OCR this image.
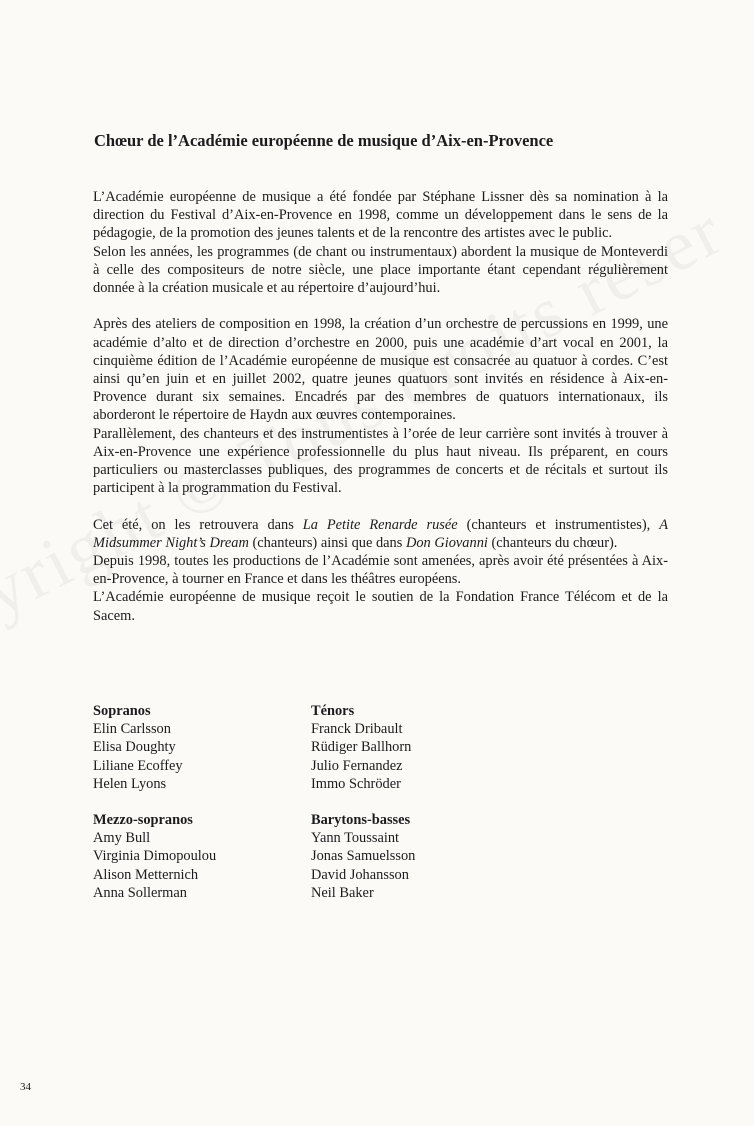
Chœur de l’Académie européenne de musique d’Aix-en-Provence

L’Académie européenne de musique a été fondée par Stéphane Lissner dès sa nomination à la direction du Festival d’Aix-en-Provence en 1998, comme un développement dans le sens de la pédagogie, de la promotion des jeunes talents et de la rencontre des artistes avec le public.

Selon les années, les programmes (de chant ou instrumentaux) abordent la musique de Monteverdi à celle des compositeurs de notre siècle, une place importante étant cependant régulièrement donnée à la création musicale et au répertoire d’aujourd’hui.

Après des ateliers de composition en 1998, la création d’un orchestre de percussions en 1999, une académie d’alto et de direction d’orchestre en 2000, puis une académie d’art vocal en 2001, la cinquième édition de l’Académie européenne de musique est consacrée au quatuor à cordes. C’est ainsi qu’en juin et en juillet 2002, quatre jeunes quatuors sont invités en résidence à Aix-en-Provence durant six semaines. Encadrés par des membres de quatuors internationaux, ils aborderont le répertoire de Haydn aux œuvres contemporaines.

Parallèlement, des chanteurs et des instrumentistes à l’orée de leur carrière sont invités à trouver à Aix-en-Provence une expérience professionnelle du plus haut niveau. Ils préparent, en cours particuliers ou masterclasses publiques, des programmes de concerts et de récitals et surtout ils participent à la programmation du Festival.

Cet été, on les retrouvera dans La Petite Renarde rusée (chanteurs et instrumentistes), A Midsummer Night’s Dream (chanteurs) ainsi que dans Don Giovanni (chanteurs du chœur).

Depuis 1998, toutes les productions de l’Académie sont amenées, après avoir été présentées à Aix-en-Provence, à tourner en France et dans les théâtres européens.

L’Académie européenne de musique reçoit le soutien de la Fondation France Télécom et de la Sacem.

Sopranos
Elin Carlsson
Elisa Doughty
Liliane Ecoffey
Helen Lyons
Mezzo-sopranos
Amy Bull
Virginia Dimopoulou
Alison Metternich
Anna Sollerman
Ténors
Franck Dribault
Rüdiger Ballhorn
Julio Fernandez
Immo Schröder
Barytons-basses
Yann Toussaint
Jonas Samuelsson
David Johansson
Neil Baker
34
